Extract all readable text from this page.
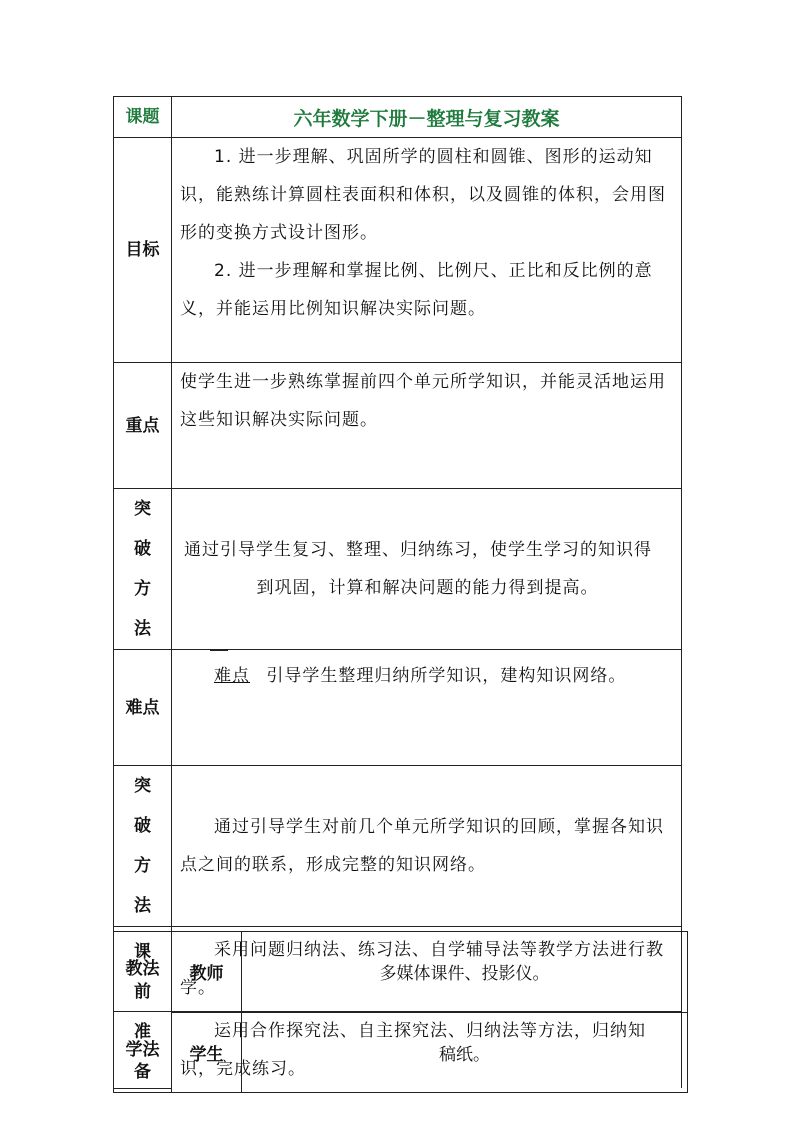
课题	六年数学下册－整理与复习教案
目标	1. 进一步理解、巩固所学的圆柱和圆锥、图形的运动知识，能熟练计算圆柱表面积和体积，以及圆锥的体积，会用图形的变换方式设计图形。

2. 进一步理解和掌握比例、比例尺、正比和反比例的意义，并能运用比例知识解决实际问题。

重点	使学生进一步熟练掌握前四个单元所学知识，并能灵活地运用这些知识解决实际问题。

突破方法	通过引导学生复习、整理、归纳练习，使学生学习的知识得

到巩固，计算和解决问题的能力得到提高。

难点	难点 引导学生整理归纳所学知识，建构知识网络。

突破方法	通过引导学生对前几个单元所学知识的回顾，掌握各知识点之间的联系，形成完整的知识网络。

教法	采用问题归纳法、练习法、自学辅导法等教学方法进行教学。

学法	运用合作探究法、自主探究法、归纳法等方法，归纳知识，完成练习。

课前准备	教师	多媒体课件、投影仪。
	学生	稿纸。
